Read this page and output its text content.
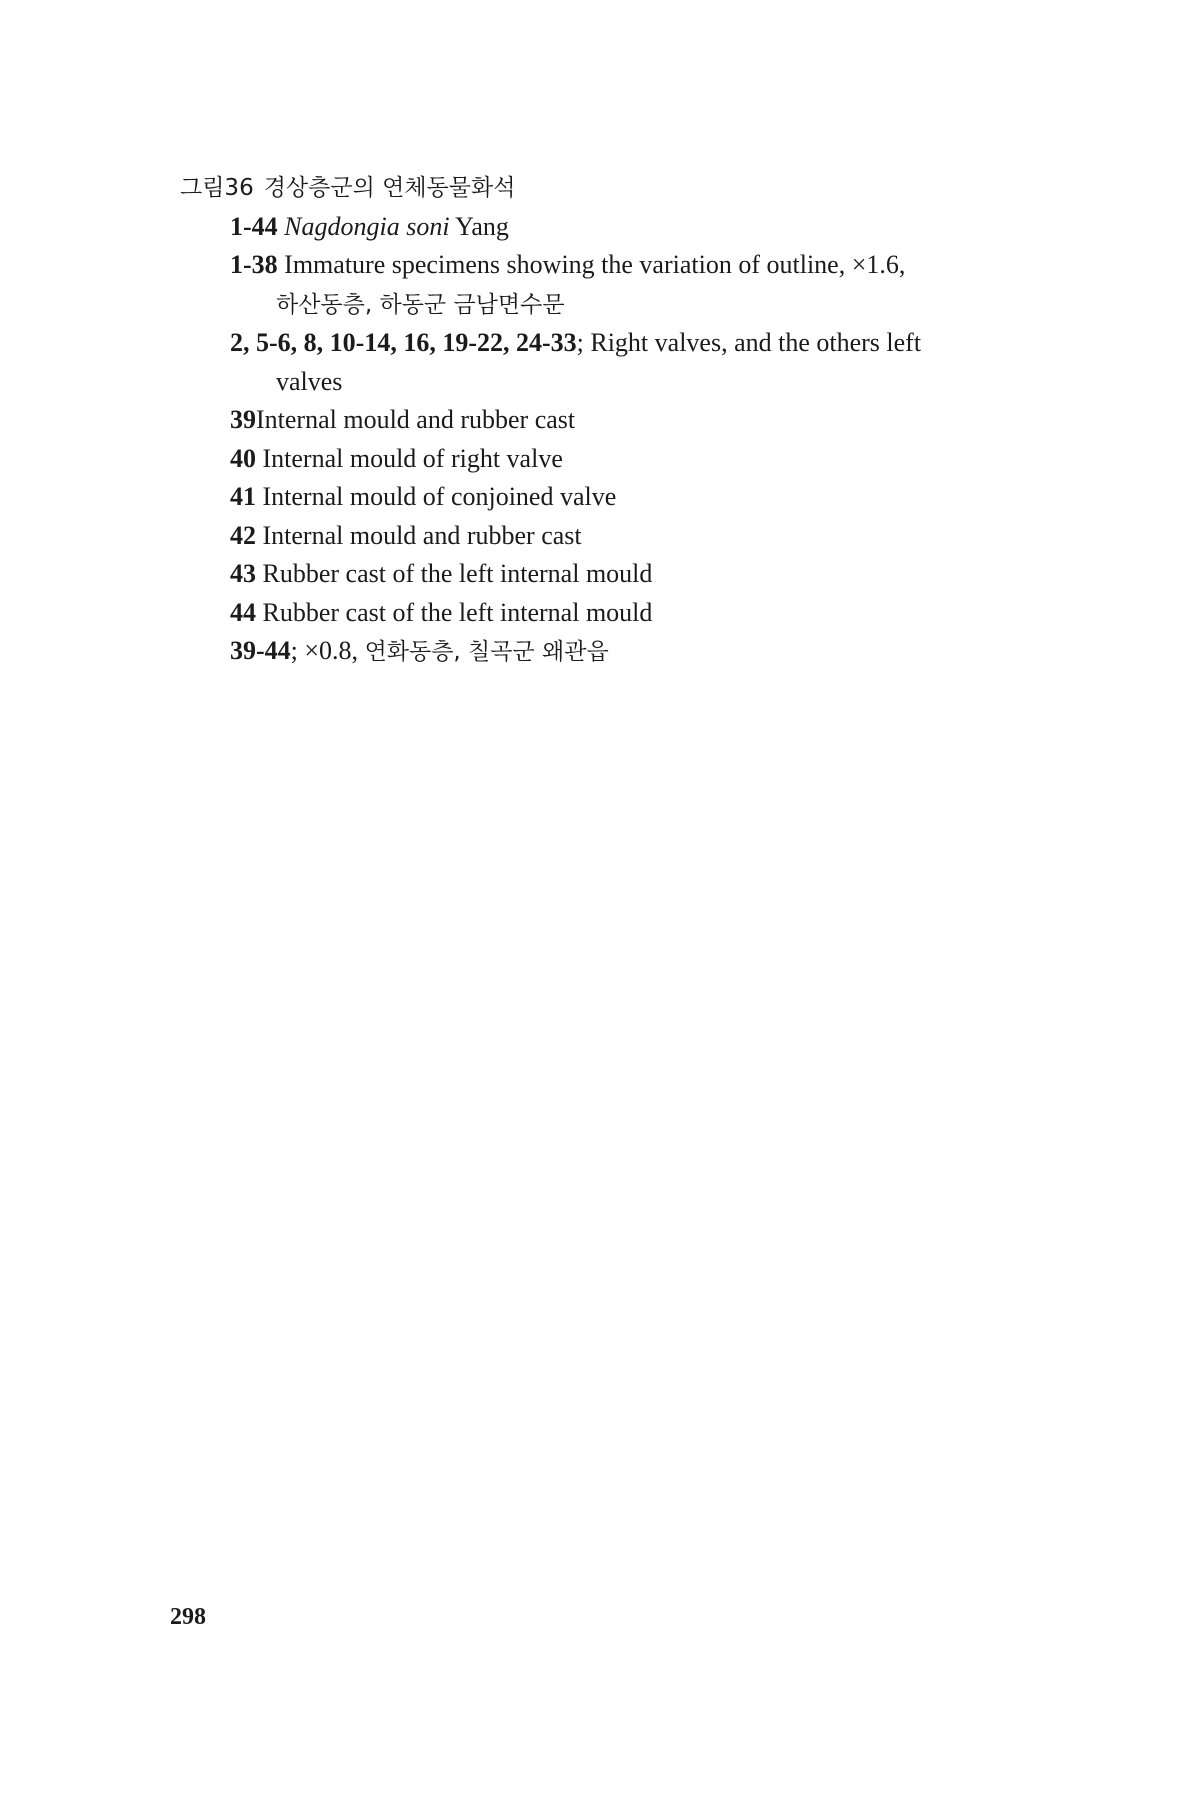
그림36 경상층군의 연체동물화석
1-44 Nagdongia soni Yang
1-38 Immature specimens showing the variation of outline, ×1.6,
하산동층, 하동군 금남면수문
2, 5-6, 8, 10-14, 16, 19-22, 24-33; Right valves, and the others left
valves
39Internal mould and rubber cast
40 Internal mould of right valve
41 Internal mould of conjoined valve
42 Internal mould and rubber cast
43 Rubber cast of the left internal mould
44 Rubber cast of the left internal mould
39-44; ×0.8, 연화동층, 칠곡군 왜관읍
298
